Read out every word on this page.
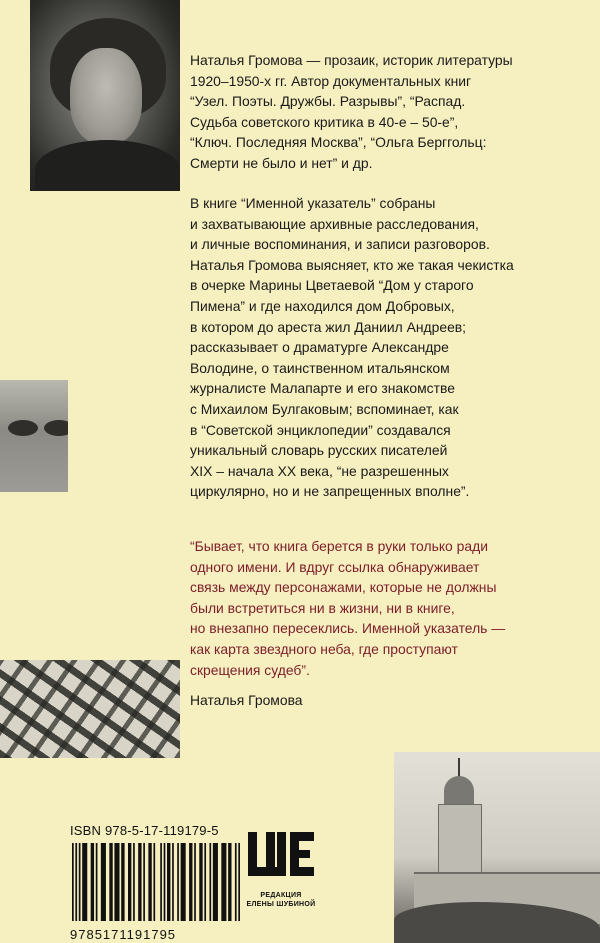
Наталья Громова — прозаик, историк литературы
1920–1950-х гг. Автор документальных книг
“Узел. Поэты. Дружбы. Разрывы”, “Распад.
Судьба советского критика в 40-е – 50-е”,
“Ключ. Последняя Москва”, “Ольга Берггольц:
Смерти не было и нет” и др.
В книге “Именной указатель” собраны
и захватывающие архивные расследования,
и личные воспоминания, и записи разговоров.
Наталья Громова выясняет, кто же такая чекистка
в очерке Марины Цветаевой “Дом у старого
Пимена” и где находился дом Добровых,
в котором до ареста жил Даниил Андреев;
рассказывает о драматурге Александре
Володине, о таинственном итальянском
журналисте Малапарте и его знакомстве
с Михаилом Булгаковым; вспоминает, как
в “Советской энциклопедии” создавался
уникальный словарь русских писателей
XIX – начала XX века, “не разрешенных
циркулярно, но и не запрещенных вполне”.
“Бывает, что книга берется в руки только ради
одного имени. И вдруг ссылка обнаруживает
связь между персонажами, которые не должны
были встретиться ни в жизни, ни в книге,
но внезапно пересеклись. Именной указатель —
как карта звездного неба, где проступают
скрещения судеб”.
Наталья Громова
ISBN 978-5-17-119179-5
9785171191795
РЕДАКЦИЯ
ЕЛЕНЫ ШУБИНОЙ
